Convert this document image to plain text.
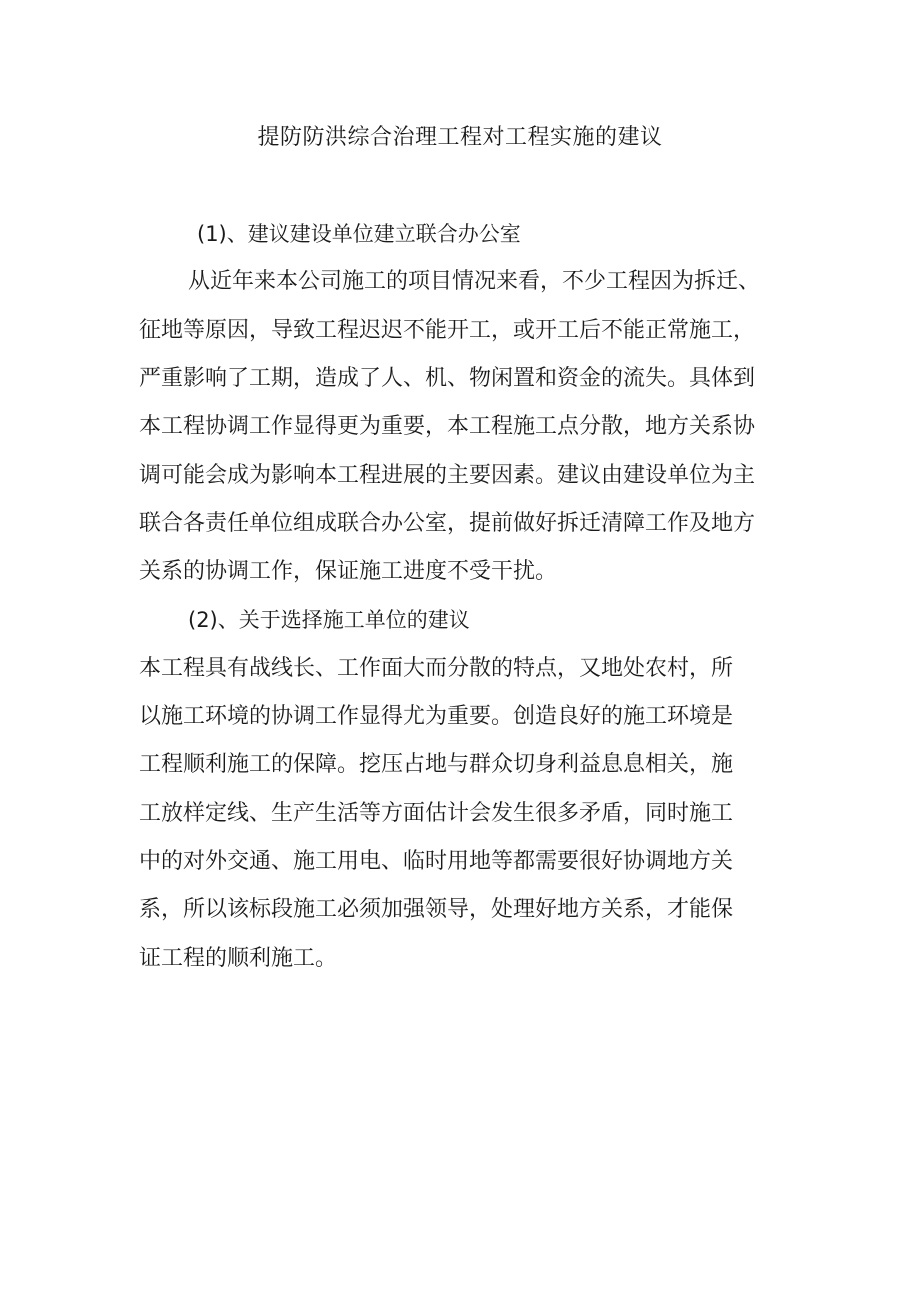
提防防洪综合治理工程对工程实施的建议
(1)、建议建设单位建立联合办公室
从近年来本公司施工的项目情况来看，不少工程因为拆迁、
征地等原因，导致工程迟迟不能开工，或开工后不能正常施工，
严重影响了工期，造成了人、机、物闲置和资金的流失。具体到
本工程协调工作显得更为重要，本工程施工点分散，地方关系协
调可能会成为影响本工程进展的主要因素。建议由建设单位为主
联合各责任单位组成联合办公室，提前做好拆迁清障工作及地方
关系的协调工作，保证施工进度不受干扰。
(2)、关于选择施工单位的建议
本工程具有战线长、工作面大而分散的特点，又地处农村，所
以施工环境的协调工作显得尤为重要。创造良好的施工环境是
工程顺利施工的保障。挖压占地与群众切身利益息息相关，施
工放样定线、生产生活等方面估计会发生很多矛盾，同时施工
中的对外交通、施工用电、临时用地等都需要很好协调地方关
系，所以该标段施工必须加强领导，处理好地方关系，才能保
证工程的顺利施工。
